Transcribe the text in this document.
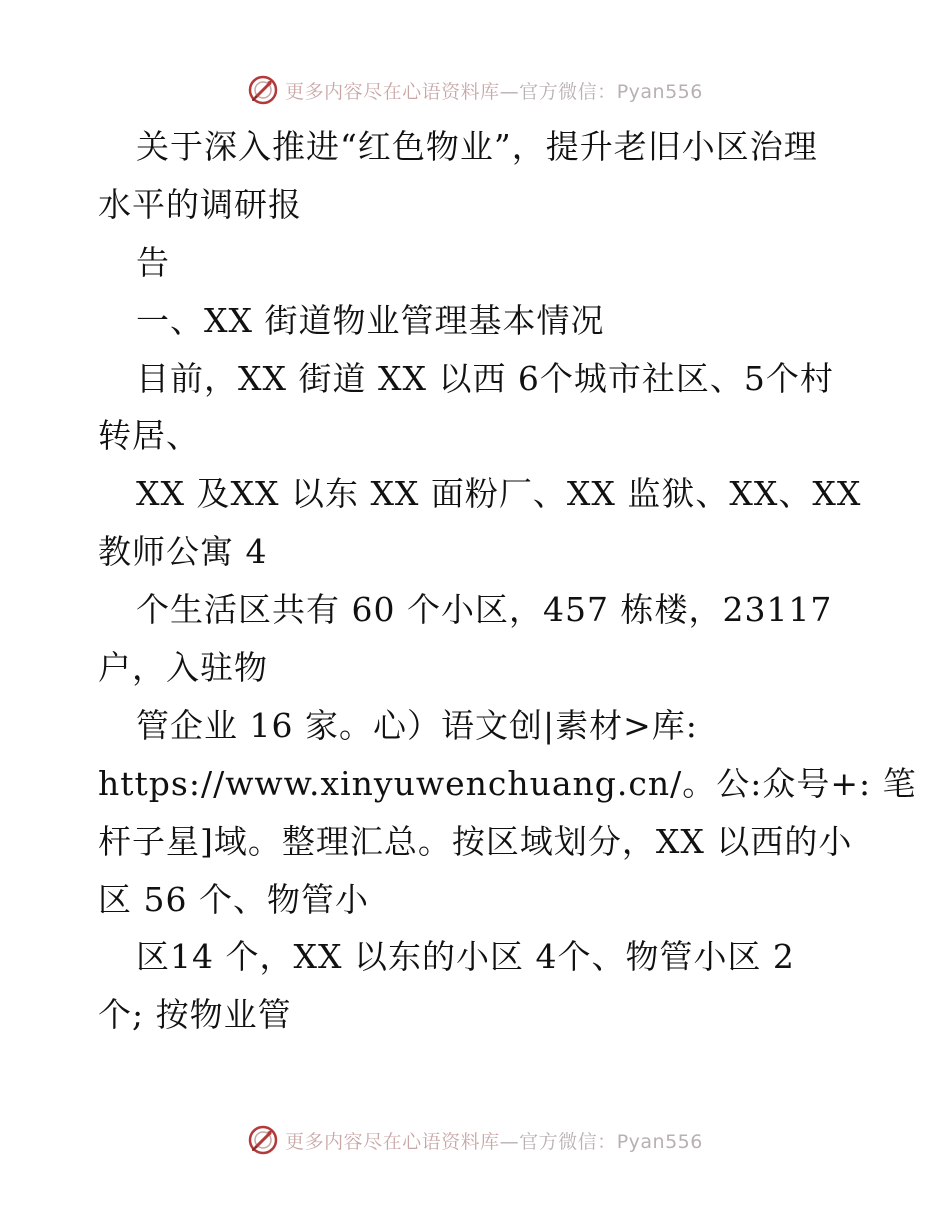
更多内容尽在心语资料库—官方微信：Pyan556
关于深入推进“红色物业”，提升老旧小区治理
水平的调研报
告
一、XX 街道物业管理基本情况
目前，XX 街道 XX 以西 6个城市社区、5个村
转居、
XX 及XX 以东 XX 面粉厂、XX 监狱、XX、XX
教师公寓 4
个生活区共有 60 个小区，457 栋楼，23117
户，入驻物
管企业 16 家。心）语文创|素材>库:
https://www.xinyuwenchuang.cn/。公:众号+: 笔
杆子星]域。整理汇总。按区域划分，XX 以西的小
区 56 个、物管小
区14 个，XX 以东的小区 4个、物管小区 2
个; 按物业管
更多内容尽在心语资料库—官方微信：Pyan556
